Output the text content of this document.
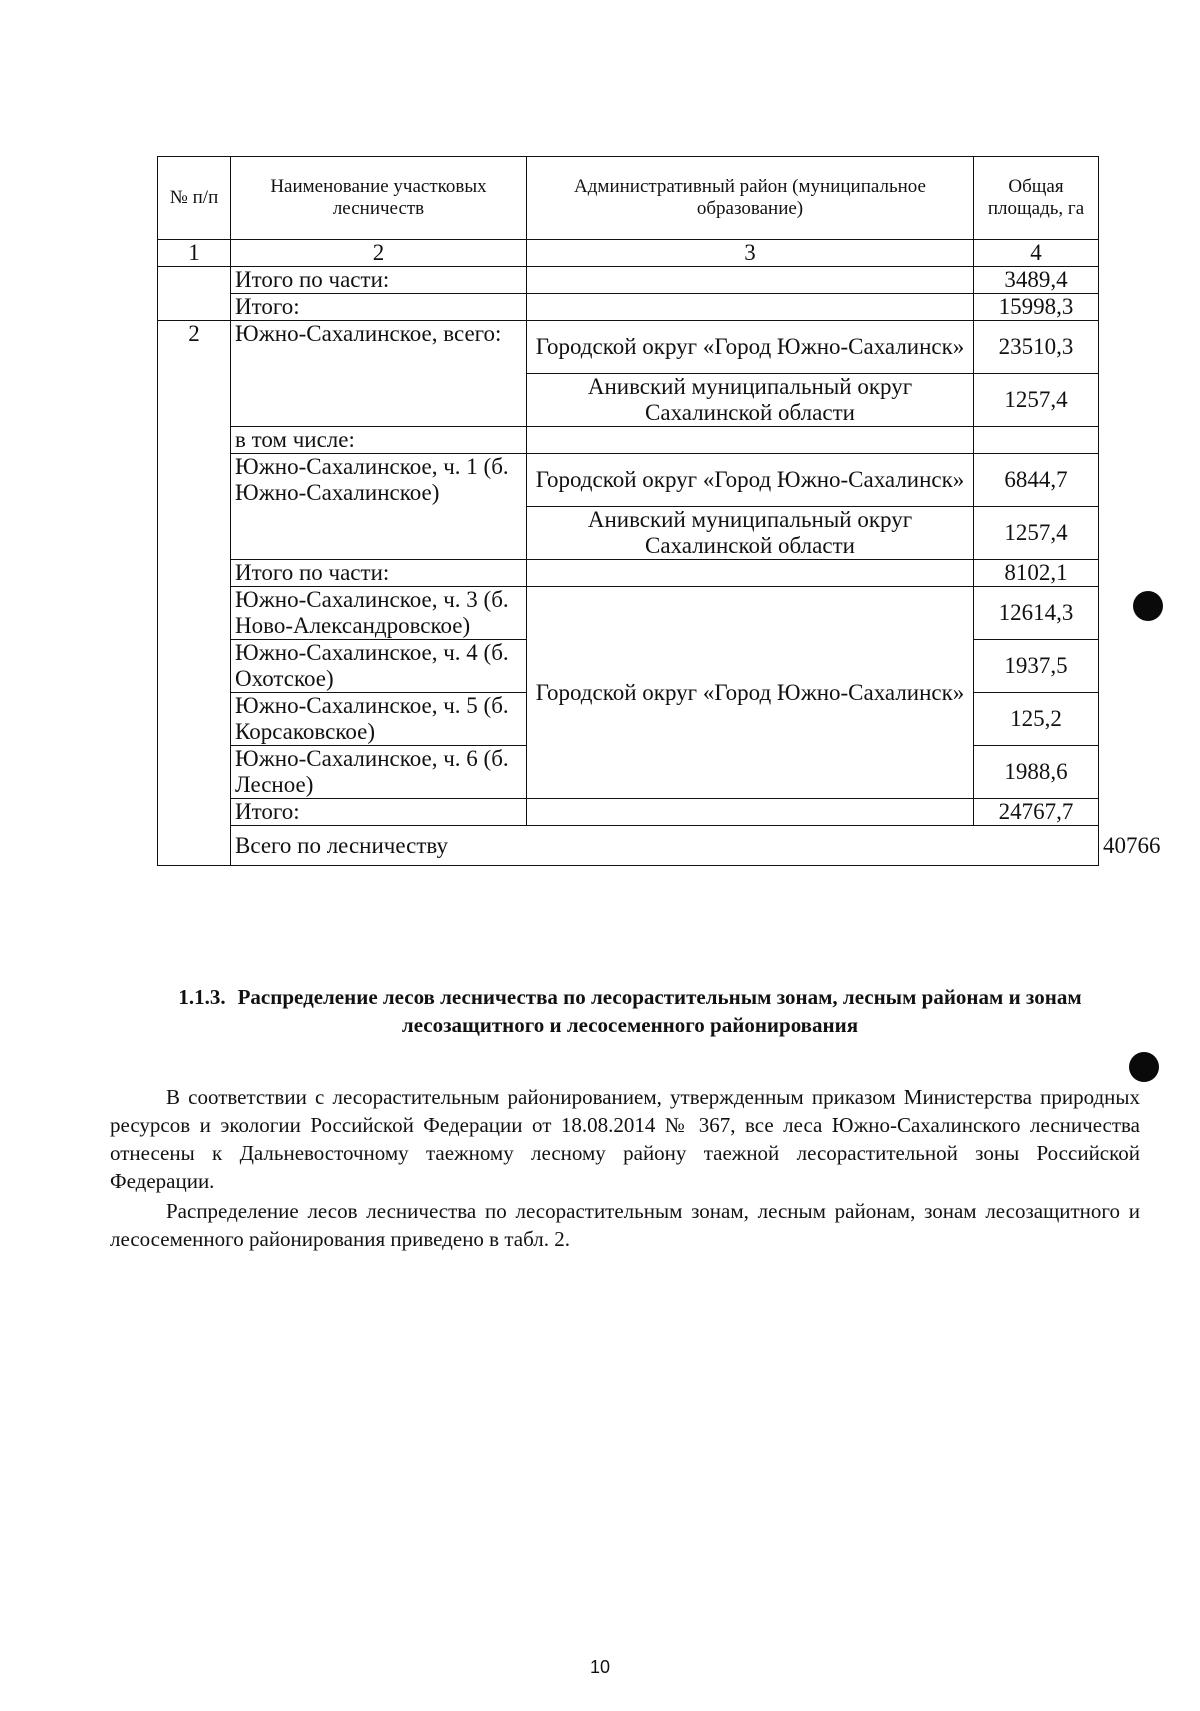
№ п/п	Наименование участковых лесничеств	Административный район (муниципальное образование)	Общая площадь, га	
1	2	3	4	
	Итого по части:		3489,4	
	Итого:		15998,3	
2	Южно-Сахалинское, всего:	Городской округ «Город Южно-Сахалинск»	23510,3	
		Анивский муниципальный округ Сахалинской области	1257,4	
	в том числе:			
	Южно-Сахалинское, ч. 1 (б. Южно-Сахалинское)	Городской округ «Город Южно-Сахалинск»	6844,7	
		Анивский муниципальный округ Сахалинской области	1257,4	
	Итого по части:		8102,1	
	Южно-Сахалинское, ч. 3 (б. Ново-Александровское)	Городской округ «Город Южно-Сахалинск»	12614,3	
	Южно-Сахалинское, ч. 4 (б. Охотское)		1937,5	
	Южно-Сахалинское, ч. 5 (б. Корсаковское)		125,2	
	Южно-Сахалинское, ч. 6 (б. Лесное)		1988,6	
	Итого:		24767,7	
	Всего по лесничеству			40766
1.1.3. Распределение лесов лесничества по лесорастительным зонам, лесным районам и зонам лесозащитного и лесосеменного районирования

В соответствии с лесорастительным районированием, утвержденным приказом Министерства природных ресурсов и экологии Российской Федерации от 18.08.2014 № 367, все леса Южно-Сахалинского лесничества отнесены к Дальневосточному таежному лесному району таежной лесорастительной зоны Российской Федерации.

Распределение лесов лесничества по лесорастительным зонам, лесным районам, зонам лесозащитного и лесосеменного районирования приведено в табл. 2.

10
